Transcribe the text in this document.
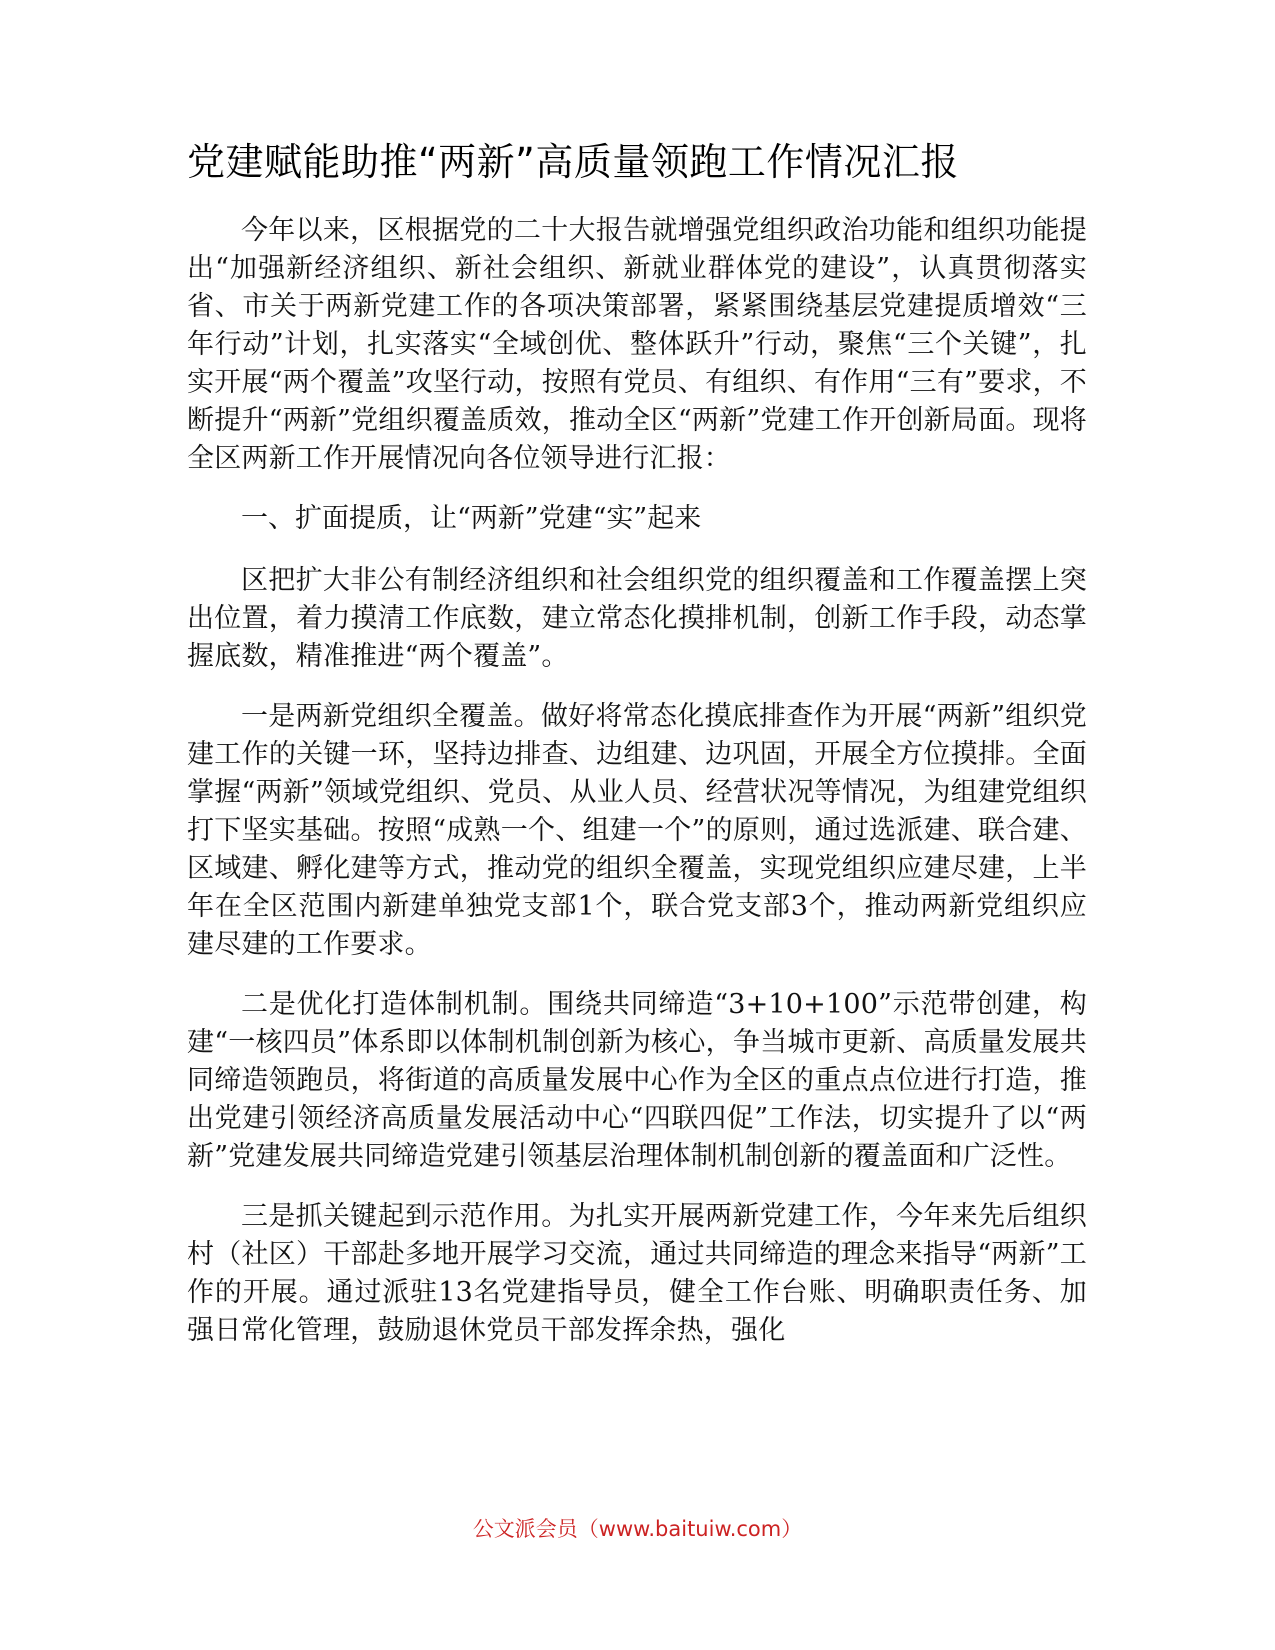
党建赋能助推“两新”高质量领跑工作情况汇报

今年以来，区根据党的二十大报告就增强党组织政治功能和组织功能提出“加强新经济组织、新社会组织、新就业群体党的建设”，认真贯彻落实省、市关于两新党建工作的各项决策部署，紧紧围绕基层党建提质增效“三年行动”计划，扎实落实“全域创优、整体跃升”行动，聚焦“三个关键”，扎实开展“两个覆盖”攻坚行动，按照有党员、有组织、有作用“三有”要求，不断提升“两新”党组织覆盖质效，推动全区“两新”党建工作开创新局面。现将全区两新工作开展情况向各位领导进行汇报：

一、扩面提质，让“两新”党建“实”起来

区把扩大非公有制经济组织和社会组织党的组织覆盖和工作覆盖摆上突出位置，着力摸清工作底数，建立常态化摸排机制，创新工作手段，动态掌握底数，精准推进“两个覆盖”。

一是两新党组织全覆盖。做好将常态化摸底排查作为开展“两新”组织党建工作的关键一环，坚持边排查、边组建、边巩固，开展全方位摸排。全面掌握“两新”领域党组织、党员、从业人员、经营状况等情况，为组建党组织打下坚实基础。按照“成熟一个、组建一个”的原则，通过选派建、联合建、区域建、孵化建等方式，推动党的组织全覆盖，实现党组织应建尽建，上半年在全区范围内新建单独党支部1个，联合党支部3个，推动两新党组织应建尽建的工作要求。

二是优化打造体制机制。围绕共同缔造“3+10+100”示范带创建，构建“一核四员”体系即以体制机制创新为核心，争当城市更新、高质量发展共同缔造领跑员，将街道的高质量发展中心作为全区的重点点位进行打造，推出党建引领经济高质量发展活动中心“四联四促”工作法，切实提升了以“两新”党建发展共同缔造党建引领基层治理体制机制创新的覆盖面和广泛性。

三是抓关键起到示范作用。为扎实开展两新党建工作，今年来先后组织村（社区）干部赴多地开展学习交流，通过共同缔造的理念来指导“两新”工作的开展。通过派驻13名党建指导员，健全工作台账、明确职责任务、加强日常化管理，鼓励退休党员干部发挥余热，强化

公文派会员（www.baituiw.com）
